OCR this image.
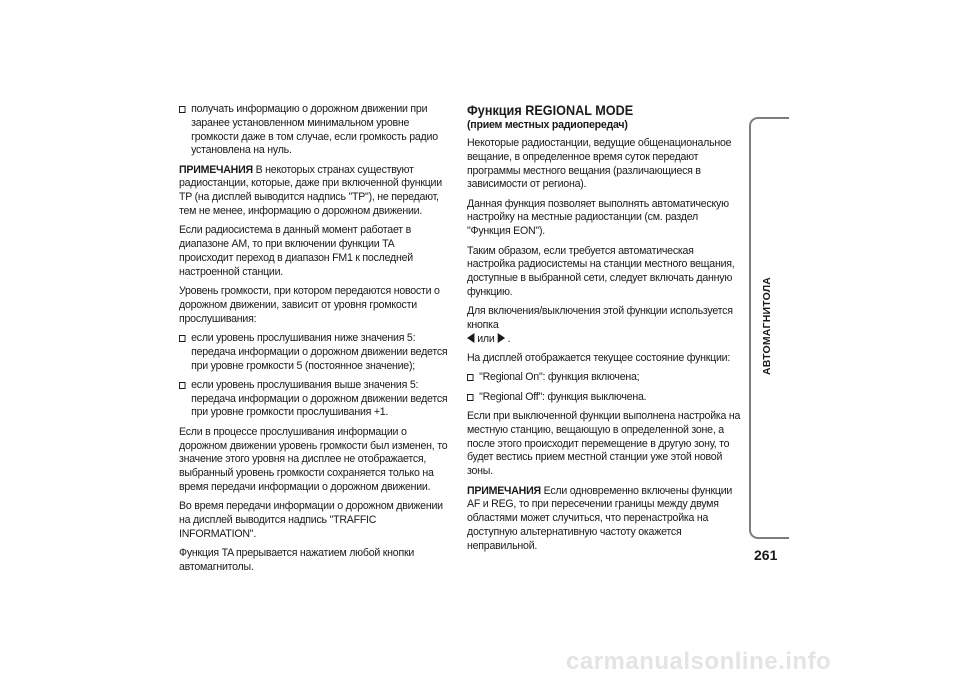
получать информацию о дорожном движении при заранее установленном минимальном уровне громкости даже в том случае, если громкость радио установлена на нуль.

ПРИМЕЧАНИЯ В некоторых странах существуют радиостанции, которые, даже при включенной функции TP (на дисплей выводится надпись "TP"), не передают, тем не менее, информацию о дорожном движении.

Если радиосистема в данный момент работает в диапазоне AM, то при включении функции TA происходит переход в диапазон FM1 к последней настроенной станции.

Уровень громкости, при котором передаются новости о дорожном движении, зависит от уровня громкости прослушивания:

если уровень прослушивания ниже значения 5: передача информации о дорожном движении ведется при уровне громкости 5 (постоянное значение);
если уровень прослушивания выше значения 5: передача информации о дорожном движении ведется при уровне громкости прослушивания +1.

Если в процессе прослушивания информации о дорожном движении уровень громкости был изменен, то значение этого уровня на дисплее не отображается, выбранный уровень громкости сохраняется только на время передачи информации о дорожном движении.

Во время передачи информации о дорожном движении на дисплей выводится надпись "TRAFFIC INFORMATION".

Функция TA прерывается нажатием любой кнопки автомагнитолы.

Функция REGIONAL MODE

(прием местных радиопередач)

Некоторые радиостанции, ведущие общенациональное вещание, в определенное время суток передают программы местного вещания (различающиеся в зависимости от региона).

Данная функция позволяет выполнять автоматическую настройку на местные радиостанции (см. раздел "Функция EON").

Таким образом, если требуется автоматическая настройка радиосистемы на станции местного вещания, доступные в выбранной сети, следует включать данную функцию.

Для включения/выключения этой функции используется кнопка
или .

На дисплей отображается текущее состояние функции:

"Regional On": функция включена;
"Regional Off": функция выключена.

Если при выключенной функции выполнена настройка на местную станцию, вещающую в определенной зоне, а после этого происходит перемещение в другую зону, то будет вестись прием местной станции уже этой новой зоны.

ПРИМЕЧАНИЯ Если одновременно включены функции AF и REG, то при пересечении границы между двумя областями может случиться, что перенастройка на доступную альтернативную частоту окажется неправильной.

АВТОМАГНИТОЛА
261
carmanualsonline.info
